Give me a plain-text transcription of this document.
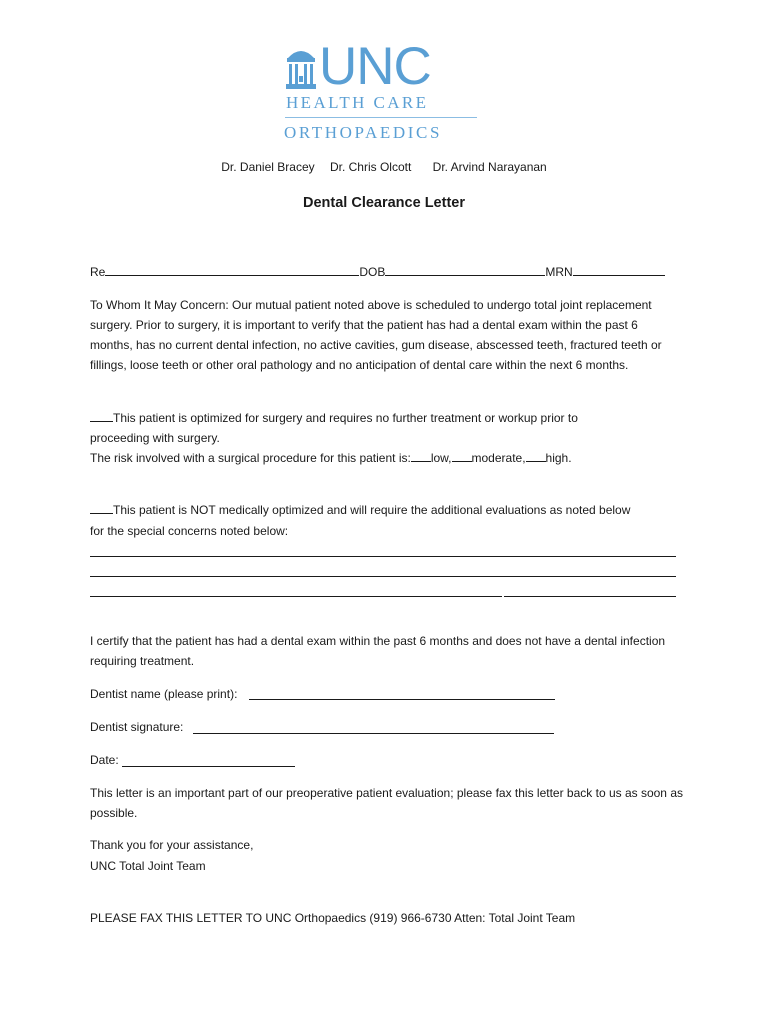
UNC
HEALTH CARE
ORTHOPAEDICS
Dr. Daniel Bracey Dr. Chris Olcott Dr. Arvind Narayanan
Dental Clearance Letter
Re	DOB	MRN
To Whom It May Concern: Our mutual patient noted above is scheduled to undergo total joint replacement surgery. Prior to surgery, it is important to verify that the patient has had a dental exam within the past 6 months, has no current dental infection, no active cavities, gum disease, abscessed teeth, fractured teeth or fillings, loose teeth or other oral pathology and no anticipation of dental care within the next 6 months.
This patient is optimized for surgery and requires no further treatment or workup prior to
proceeding with surgery.
The risk involved with a surgical procedure for this patient is: low, moderate, high.
This patient is NOT medically optimized and will require the additional evaluations as noted below
for the special concerns noted below:
I certify that the patient has had a dental exam within the past 6 months and does not have a dental infection requiring treatment.
Dentist name (please print):
Dentist signature:
Date:
This letter is an important part of our preoperative patient evaluation; please fax this letter back to us as soon as possible.
Thank you for your assistance,
UNC Total Joint Team
PLEASE FAX THIS LETTER TO UNC Orthopaedics (919) 966-6730 Atten: Total Joint Team
